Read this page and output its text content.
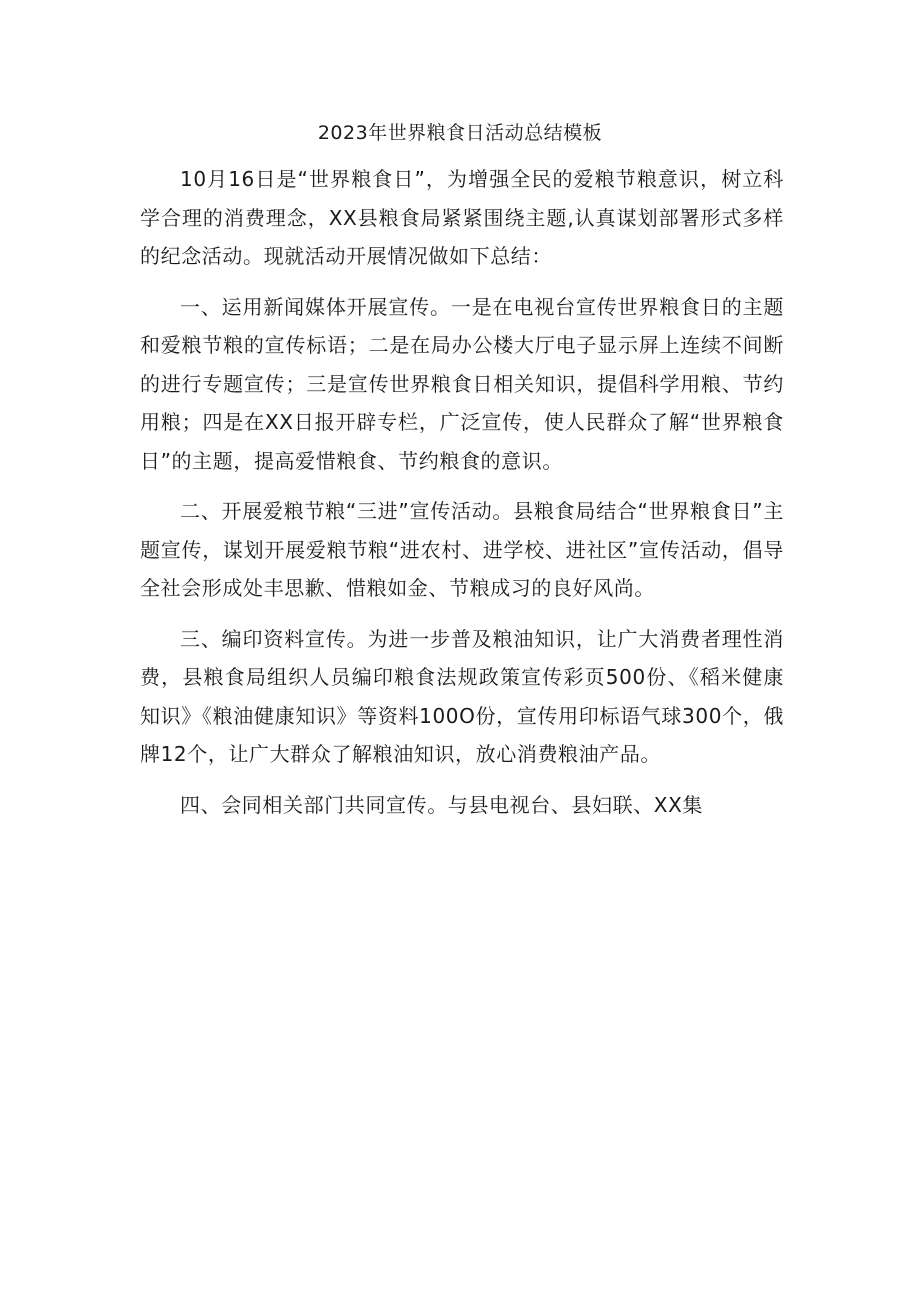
2023年世界粮食日活动总结模板

10月16日是“世界粮食日”，为增强全民的爱粮节粮意识，树立科学合理的消费理念，XX县粮食局紧紧围绕主题,认真谋划部署形式多样的纪念活动。现就活动开展情况做如下总结：

一、运用新闻媒体开展宣传。一是在电视台宣传世界粮食日的主题和爱粮节粮的宣传标语；二是在局办公楼大厅电子显示屏上连续不间断的进行专题宣传；三是宣传世界粮食日相关知识，提倡科学用粮、节约用粮；四是在XX日报开辟专栏，广泛宣传，使人民群众了解“世界粮食日”的主题，提高爱惜粮食、节约粮食的意识。

二、开展爱粮节粮“三进”宣传活动。县粮食局结合“世界粮食日”主题宣传，谋划开展爱粮节粮“进农村、进学校、进社区”宣传活动，倡导全社会形成处丰思歉、惜粮如金、节粮成习的良好风尚。

三、编印资料宣传。为进一步普及粮油知识，让广大消费者理性消费，县粮食局组织人员编印粮食法规政策宣传彩页500份、《稻米健康知识》《粮油健康知识》等资料100O份，宣传用印标语气球300个，俄牌12个，让广大群众了解粮油知识，放心消费粮油产品。

四、会同相关部门共同宣传。与县电视台、县妇联、XX集
